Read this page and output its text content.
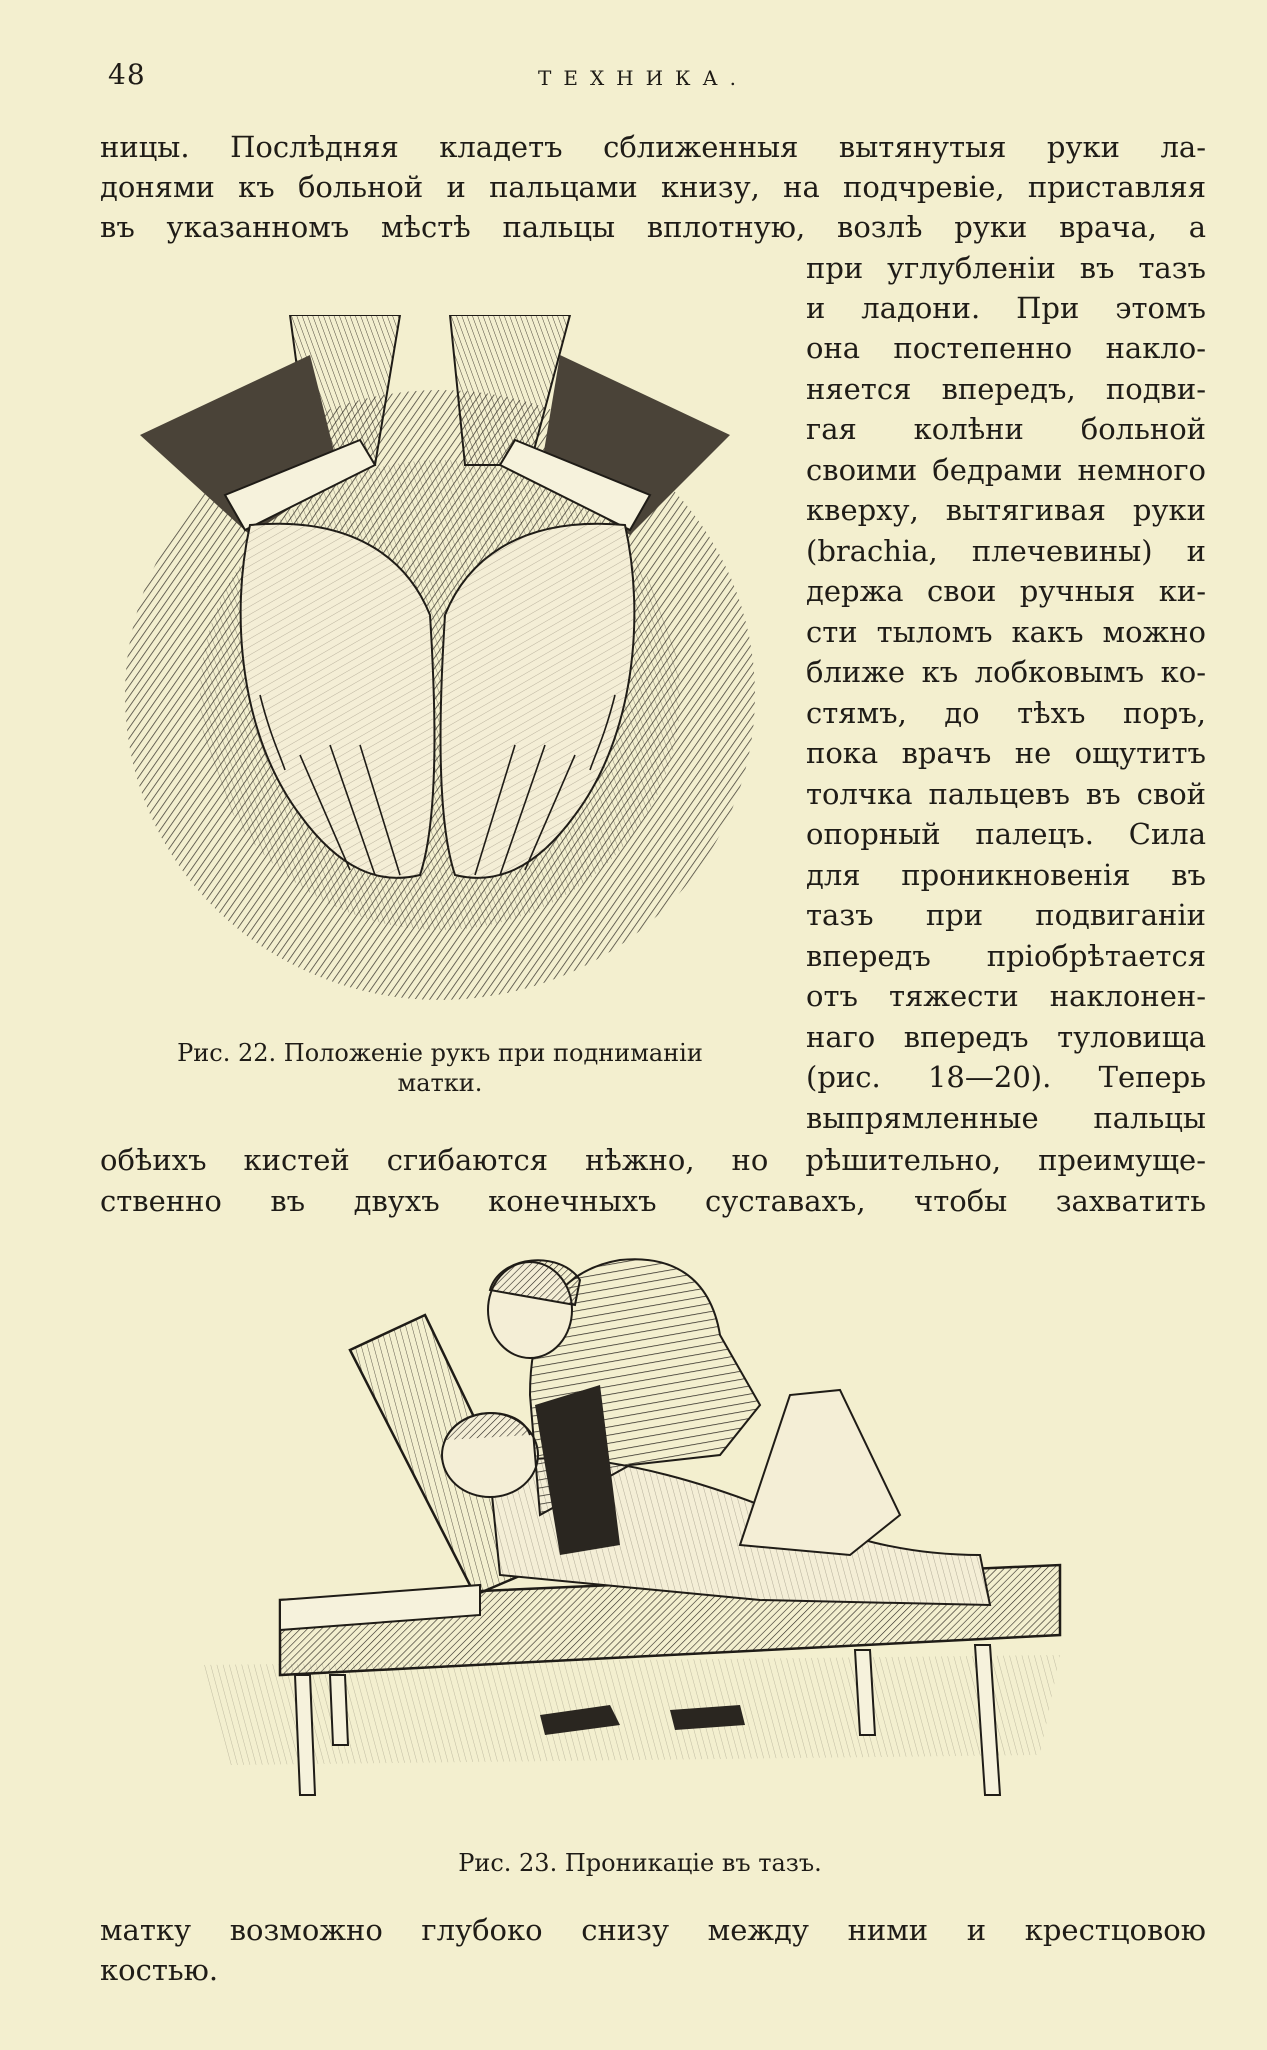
48	ТЕХНИКА.
ницы. Послѣдняя кладетъ сближенныя вытянутыя руки ла-
донями къ больной и пальцами книзу, на подчревіе, приставляя
въ указанномъ мѣстѣ пальцы вплотную, возлѣ руки врача, а
при углубленіи въ тазъ
и ладони. При этомъ
она постепенно накло-
няется впередъ, подви-
гая колѣни больной
своими бедрами немного
кверху, вытягивая руки
(brachia, плечевины) и
держа свои ручныя ки-
сти тыломъ какъ можно
ближе къ лобковымъ ко-
стямъ, до тѣхъ поръ,
пока врачъ не ощутитъ
толчка пальцевъ въ свой
опорный палецъ. Сила
для проникновенія въ
тазъ при подвиганіи
впередъ пріобрѣтается
отъ тяжести наклонен-
наго впередъ туловища
(рис. 18—20). Теперь
выпрямленные пальцы
Рис. 22. Положеніе рукъ при подниманіи
матки.
обѣихъ кистей сгибаются нѣжно, но рѣшительно, преимуще-
ственно въ двухъ конечныхъ суставахъ, чтобы захватить
Рис. 23. Проникаціе въ тазъ.
матку возможно глубоко снизу между ними и крестцовою
костью.
